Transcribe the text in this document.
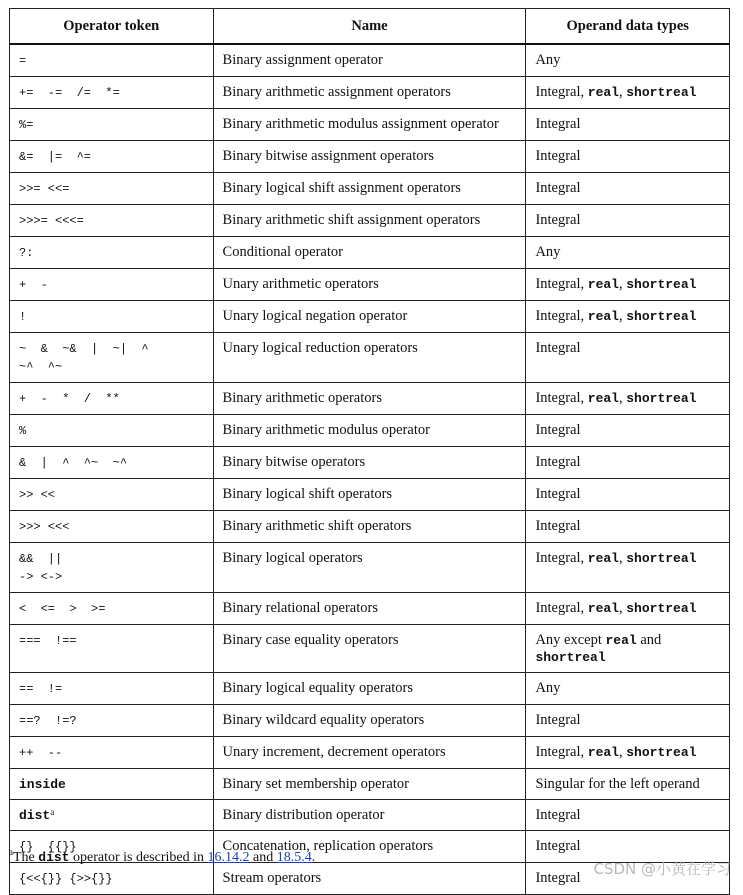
Operator token	Name	Operand data types
=	Binary assignment operator	Any
+=  -=  /=  *=	Binary arithmetic assignment operators	Integral, real, shortreal
%=	Binary arithmetic modulus assignment operator	Integral
&=  |=  ^=	Binary bitwise assignment operators	Integral
>>= <<=	Binary logical shift assignment operators	Integral
>>>= <<<=	Binary arithmetic shift assignment operators	Integral
?:	Conditional operator	Any
+  -	Unary arithmetic operators	Integral, real, shortreal
!	Unary logical negation operator	Integral, real, shortreal
~  &  ~&  |  ~|  ^
~^  ^~	Unary logical reduction operators	Integral
+  -  *  /  **	Binary arithmetic operators	Integral, real, shortreal
%	Binary arithmetic modulus operator	Integral
&  |  ^  ^~  ~^	Binary bitwise operators	Integral
>> <<	Binary logical shift operators	Integral
>>> <<<	Binary arithmetic shift operators	Integral
&&  ||
-> <->	Binary logical operators	Integral, real, shortreal
<  <=  >  >=	Binary relational operators	Integral, real, shortreal
===  !==	Binary case equality operators	Any except real and
shortreal
==  !=	Binary logical equality operators	Any
==?  !=?	Binary wildcard equality operators	Integral
++  --	Unary increment, decrement operators	Integral, real, shortreal
inside	Binary set membership operator	Singular for the left operand
dist$^a$	Binary distribution operator	Integral
{}  {{}}	Concatenation, replication operators	Integral
{<<{}} {>>{}}	Stream operators	Integral
$^a$The dist operator is described in 16.14.2 and 18.5.4.
CSDN @小黄在学习
